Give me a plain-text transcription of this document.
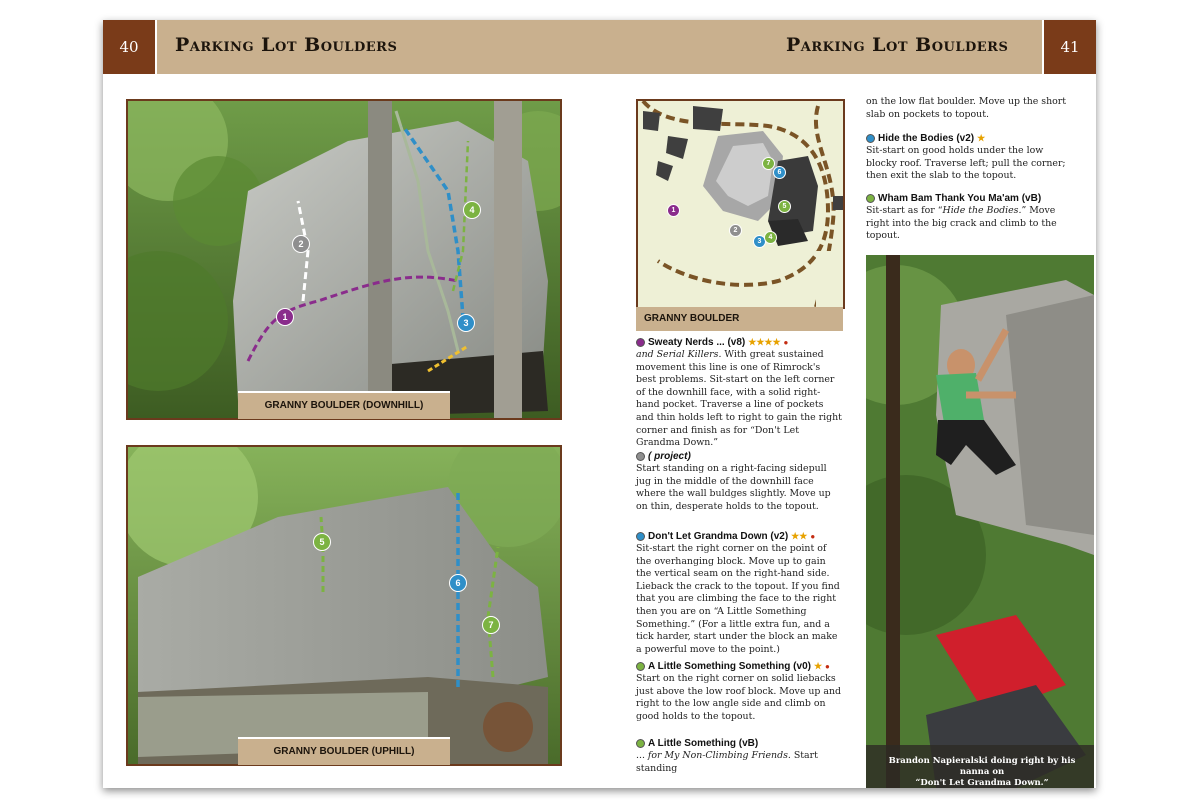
40	Parking Lot Boulders	Parking Lot Boulders	41
1
2
3
4
GRANNY BOULDER (DOWNHILL)
5
6
7
GRANNY BOULDER (UPHILL)
1
2
3
4
5
6
7
GRANNY BOULDER
Sweaty Nerds ... (v8) ★★★★ ●
and Serial Killers. With great sustained movement this line is one of Rimrock's best problems. Sit-start on the left corner of the downhill face, with a solid right-hand pocket. Traverse a line of pockets and thin holds left to right to gain the right corner and finish as for “Don't Let Grandma Down.”
( project)
Start standing on a right-facing sidepull jug in the middle of the downhill face where the wall buldges slightly. Move up on thin, desperate holds to the topout.
Don't Let Grandma Down (v2) ★★ ●
Sit-start the right corner on the point of the overhanging block. Move up to gain the vertical seam on the right-hand side. Lieback the crack to the topout. If you find that you are climbing the face to the right then you are on “A Little Something Something.” (For a little extra fun, and a tick harder, start under the block an make a powerful move to the point.)
A Little Something Something (v0) ★ ●
Start on the right corner on solid liebacks just above the low roof block. Move up and right to the low angle side and climb on good holds to the topout.
A Little Something (vB)
... for My Non-Climbing Friends. Start standing
on the low flat boulder. Move up the short slab on pockets to topout.
Hide the Bodies (v2) ★
Sit-start on good holds under the low blocky roof. Traverse left; pull the corner; then exit the slab to the topout.
Wham Bam Thank You Ma'am (vB)
Sit-start as for “Hide the Bodies.” Move right into the big crack and climb to the topout.
Brandon Napieralski doing right by his nanna on
“Don't Let Grandma Down.”
